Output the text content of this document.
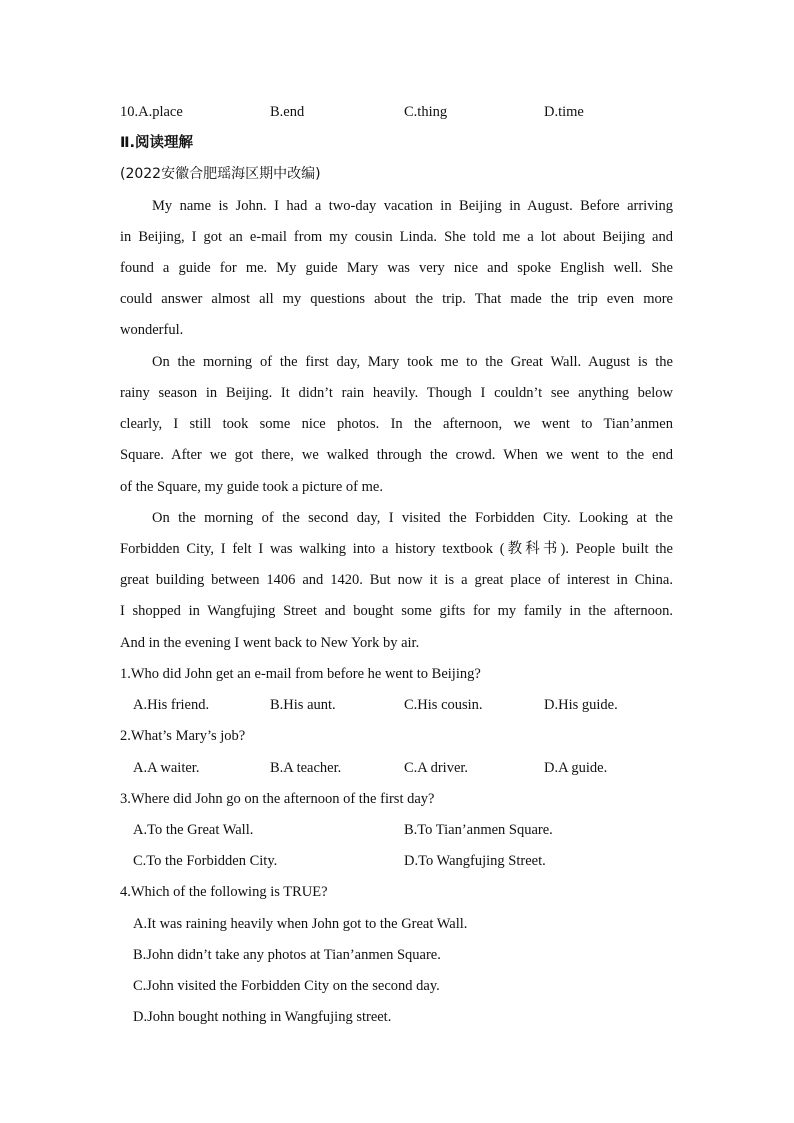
10.A.place	B.end	C.thing	D.time
Ⅱ.阅读理解
(2022安徽合肥瑶海区期中改编)
My name is John. I had a two-day vacation in Beijing in August. Before arriving
in Beijing, I got an e-mail from my cousin Linda. She told me a lot about Beijing and
found a guide for me. My guide Mary was very nice and spoke English well. She
could answer almost all my questions about the trip. That made the trip even more
wonderful.
On the morning of the first day, Mary took me to the Great Wall. August is the
rainy season in Beijing. It didn’t rain heavily. Though I couldn’t see anything below
clearly, I still took some nice photos. In the afternoon, we went to Tian’anmen
Square. After we got there, we walked through the crowd. When we went to the end
of the Square, my guide took a picture of me.
On the morning of the second day, I visited the Forbidden City. Looking at the
Forbidden City, I felt I was walking into a history textbook (教科书). People built the
great building between 1406 and 1420. But now it is a great place of interest in China.
I shopped in Wangfujing Street and bought some gifts for my family in the afternoon.
And in the evening I went back to New York by air.
1.Who did John get an e-mail from before he went to Beijing?
A.His friend.	B.His aunt.	C.His cousin.	D.His guide.
2.What’s Mary’s job?
A.A waiter.	B.A teacher.	C.A driver.	D.A guide.
3.Where did John go on the afternoon of the first day?
A.To the Great Wall.	B.To Tian’anmen Square.
C.To the Forbidden City.	D.To Wangfujing Street.
4.Which of the following is TRUE?
A.It was raining heavily when John got to the Great Wall.
B.John didn’t take any photos at Tian’anmen Square.
C.John visited the Forbidden City on the second day.
D.John bought nothing in Wangfujing street.
